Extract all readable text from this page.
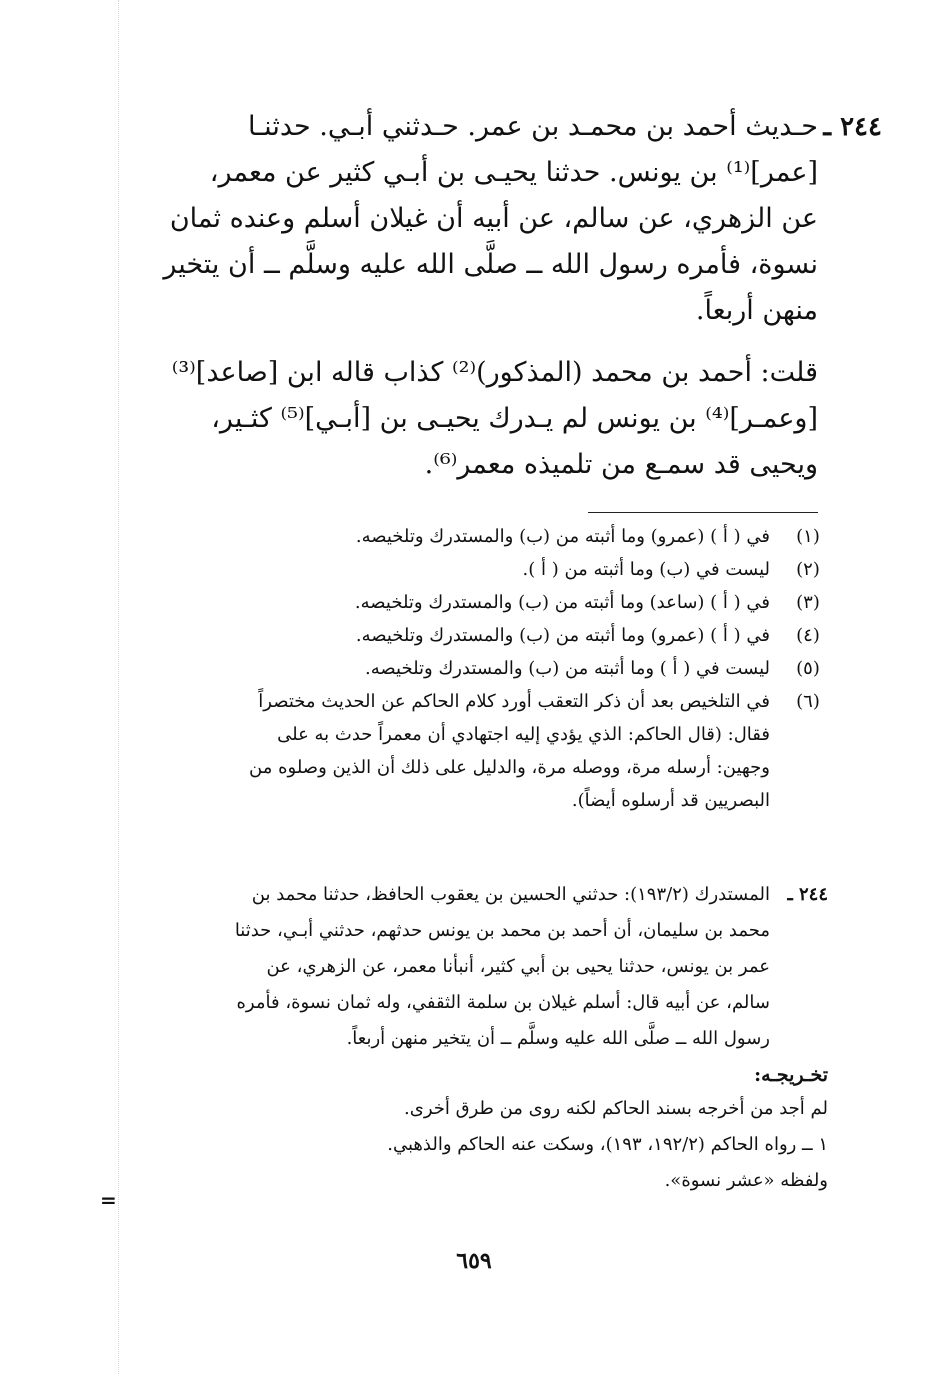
٢٤٤ ـ
حـديث أحمد بن محمـد بن عمر. حـدثني أبـي. حدثنـا
[عمر]⁽¹⁾ بن يونس. حدثنا يحيـى بن أبـي كثير عن معمر،
عن الزهري، عن سالم، عن أبيه أن غيلان أسلم وعنده ثمان
نسوة، فأمره رسول الله ــ صلَّى الله عليه وسلَّم ــ أن يتخير
منهن أربعاً.
قلت: أحمد بن محمد (المذكور)⁽²⁾ كذاب قاله ابن [صاعد]⁽³⁾
[وعمـر]⁽⁴⁾ بن يونس لم يـدرك يحيـى بن [أبـي]⁽⁵⁾ كثـير،
ويحيى قد سمـع من تلميذه معمر⁽⁶⁾.
(١)
في ( أ ) (عمرو) وما أثبته من (ب) والمستدرك وتلخيصه.
(٢)
ليست في (ب) وما أثبته من ( أ ).
(٣)
في ( أ ) (ساعد) وما أثبته من (ب) والمستدرك وتلخيصه.
(٤)
في ( أ ) (عمرو) وما أثبته من (ب) والمستدرك وتلخيصه.
(٥)
ليست في ( أ ) وما أثبته من (ب) والمستدرك وتلخيصه.
(٦)
في التلخيص بعد أن ذكر التعقب أورد كلام الحاكم عن الحديث مختصراً
فقال: (قال الحاكم: الذي يؤدي إليه اجتهادي أن معمراً حدث به على
وجهين: أرسله مرة، ووصله مرة، والدليل على ذلك أن الذين وصلوه من
البصريين قد أرسلوه أيضاً).
٢٤٤ ـ
المستدرك (١٩٣/٢): حدثني الحسين بن يعقوب الحافظ، حدثنا محمد بن
محمد بن سليمان، أن أحمد بن محمد بن يونس حدثهم، حدثني أبـي، حدثنا
عمر بن يونس، حدثنا يحيى بن أبي كثير، أنبأنا معمر، عن الزهري، عن
سالم، عن أبيه قال: أسلم غيلان بن سلمة الثقفي، وله ثمان نسوة، فأمره
رسول الله ــ صلَّى الله عليه وسلَّم ــ أن يتخير منهن أربعاً.
تخـريجـه:
لم أجد من أخرجه بسند الحاكم لكنه روى من طرق أخرى.
١ ــ رواه الحاكم (١٩٢/٢، ١٩٣)، وسكت عنه الحاكم والذهبي.
ولفظه «عشر نسوة».
=
٦٥٩
